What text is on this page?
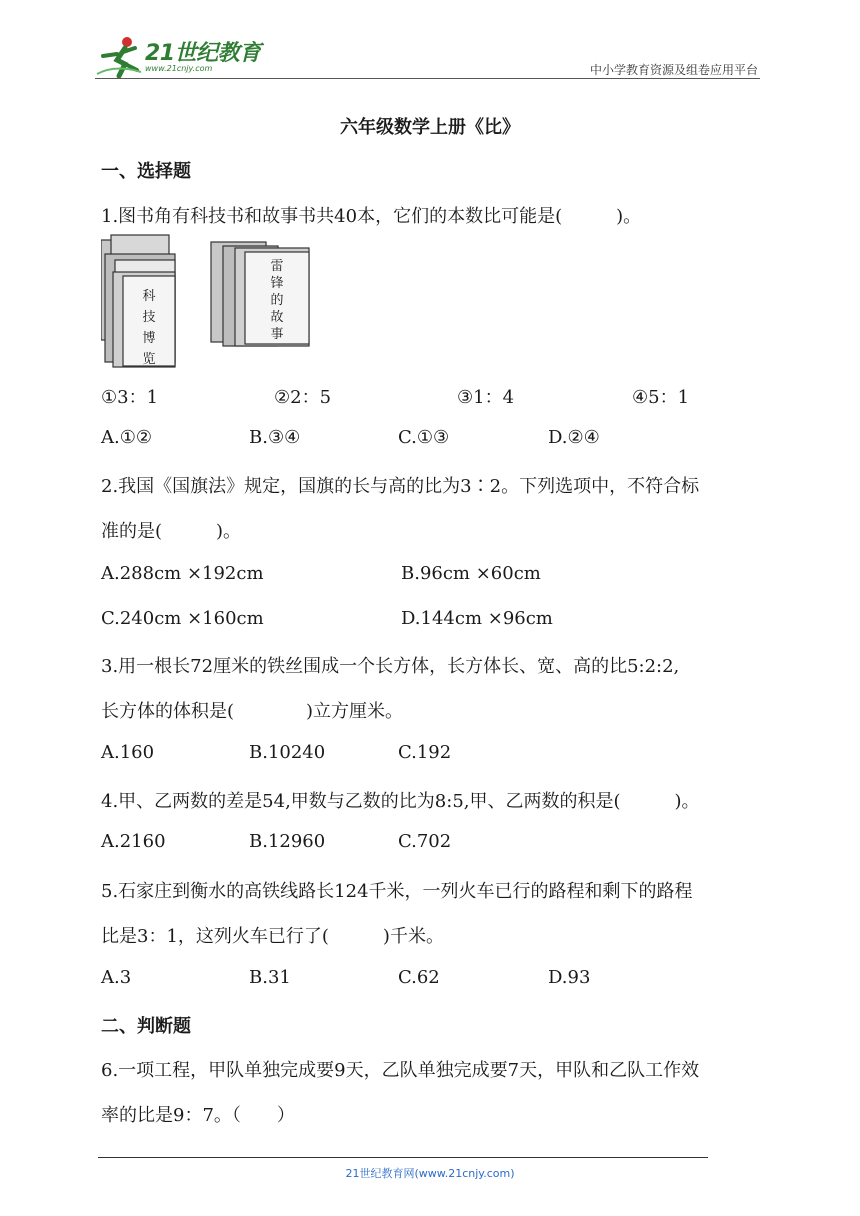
21世纪教育
www.21cnjy.com	中小学教育资源及组卷应用平台
六年级数学上册《比》
一、选择题
1.图书角有科技书和故事书共40本，它们的本数比可能是(　　　)。
科技博览
雷锋的故事
①3：1	②2：5	③1：4	④5：1
A.①②	B.③④	C.①③	D.②④
2.我国《国旗法》规定，国旗的长与高的比为3∶2。下列选项中，不符合标
准的是(　　　)。
A.288cm ×192cm	B.96cm ×60cm
C.240cm ×160cm	D.144cm ×96cm
3.用一根长72厘米的铁丝围成一个长方体，长方体长、宽、高的比5:2:2,
长方体的体积是(　　　　)立方厘米。
A.160	B.10240	C.192
4.甲、乙两数的差是54,甲数与乙数的比为8:5,甲、乙两数的积是(　　　)。
A.2160	B.12960	C.702
5.石家庄到衡水的高铁线路长124千米，一列火车已行的路程和剩下的路程
比是3：1，这列火车已行了(　　　)千米。
A.3	B.31	C.62	D.93
二、判断题
6.一项工程，甲队单独完成要9天，乙队单独完成要7天，甲队和乙队工作效
率的比是9：7。（　　）
21世纪教育网(www.21cnjy.com)
